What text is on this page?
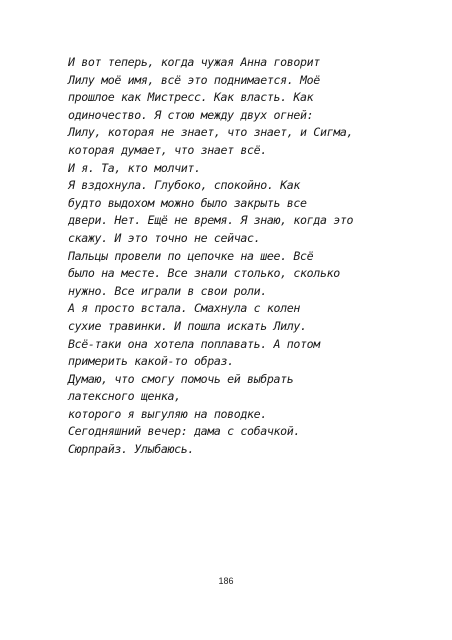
И вот теперь, когда чужая Анна говорит
Лилу моё имя, всё это поднимается. Моё
прошлое как Мистресс. Как власть. Как
одиночество. Я стою между двух огней:
Лилу, которая не знает, что знает, и Сигма,
которая думает, что знает всё.
И я. Та, кто молчит.
Я вздохнула. Глубоко, спокойно. Как
будто выдохом можно было закрыть все
двери. Нет. Ещё не время. Я знаю, когда это
скажу. И это точно не сейчас.
Пальцы провели по цепочке на шее. Всё
было на месте. Все знали столько, сколько
нужно. Все играли в свои роли.
А я просто встала. Смахнула с колен
сухие травинки. И пошла искать Лилу.
Всё-таки она хотела поплавать. А потом
примерить какой-то образ.
Думаю, что смогу помочь ей выбрать
латексного щенка,
которого я выгуляю на поводке.
Сегодняшний вечер: дама с собачкой.
Сюрпрайз. Улыбаюсь.
186
